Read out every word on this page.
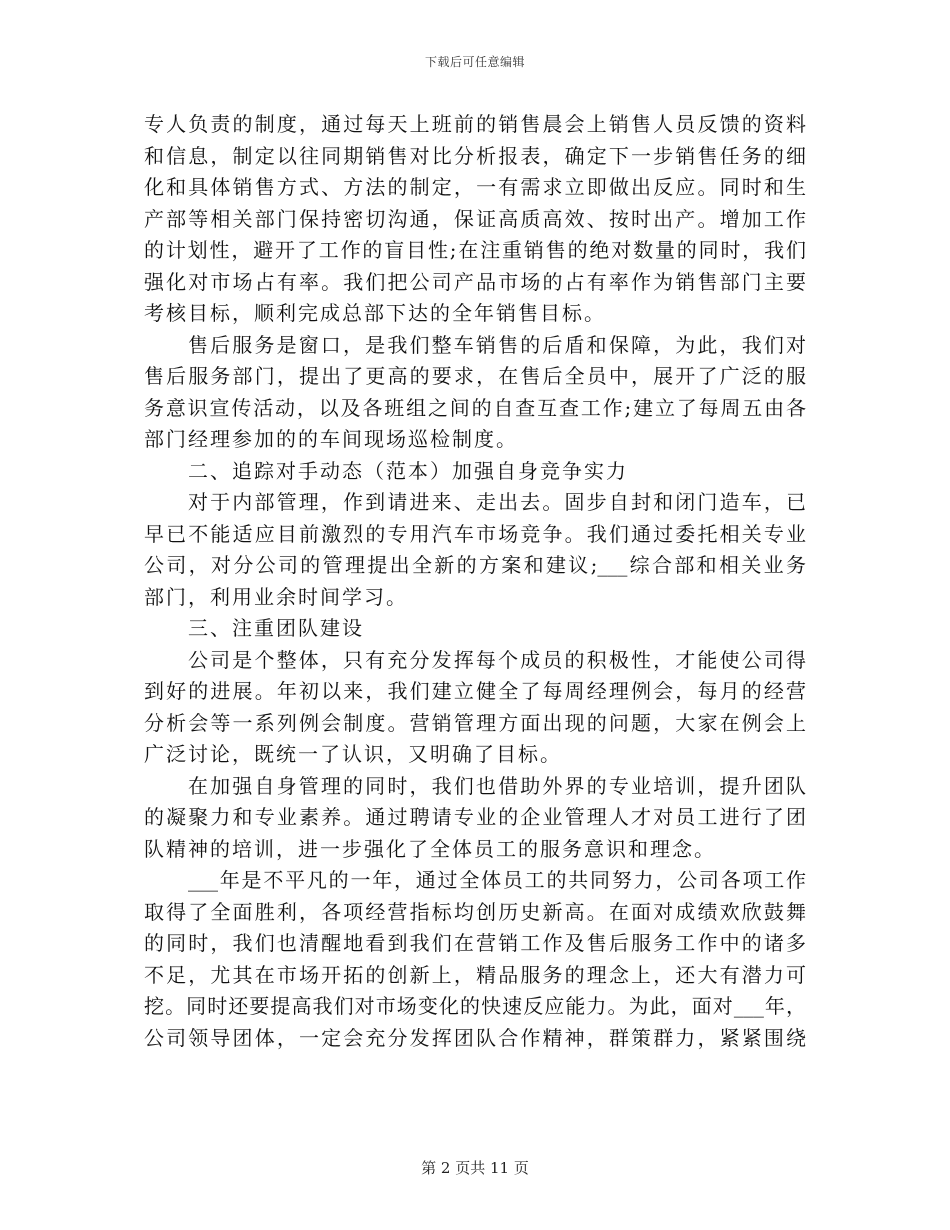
下载后可任意编辑
专人负责的制度，通过每天上班前的销售晨会上销售人员反馈的资料
和信息，制定以往同期销售对比分析报表，确定下一步销售任务的细
化和具体销售方式、方法的制定，一有需求立即做出反应。同时和生
产部等相关部门保持密切沟通，保证高质高效、按时出产。增加工作
的计划性，避开了工作的盲目性;在注重销售的绝对数量的同时，我们
强化对市场占有率。我们把公司产品市场的占有率作为销售部门主要
考核目标，顺利完成总部下达的全年销售目标。
售后服务是窗口，是我们整车销售的后盾和保障，为此，我们对
售后服务部门，提出了更高的要求，在售后全员中，展开了广泛的服
务意识宣传活动，以及各班组之间的自查互查工作;建立了每周五由各
部门经理参加的的车间现场巡检制度。
二、追踪对手动态（范本）加强自身竞争实力
对于内部管理，作到请进来、走出去。固步自封和闭门造车，已
早已不能适应目前激烈的专用汽车市场竞争。我们通过委托相关专业
公司，对分公司的管理提出全新的方案和建议;___综合部和相关业务
部门，利用业余时间学习。
三、注重团队建设
公司是个整体，只有充分发挥每个成员的积极性，才能使公司得
到好的进展。年初以来，我们建立健全了每周经理例会，每月的经营
分析会等一系列例会制度。营销管理方面出现的问题，大家在例会上
广泛讨论，既统一了认识，又明确了目标。
在加强自身管理的同时，我们也借助外界的专业培训，提升团队
的凝聚力和专业素养。通过聘请专业的企业管理人才对员工进行了团
队精神的培训，进一步强化了全体员工的服务意识和理念。
___年是不平凡的一年，通过全体员工的共同努力，公司各项工作
取得了全面胜利，各项经营指标均创历史新高。在面对成绩欢欣鼓舞
的同时，我们也清醒地看到我们在营销工作及售后服务工作中的诸多
不足，尤其在市场开拓的创新上，精品服务的理念上，还大有潜力可
挖。同时还要提高我们对市场变化的快速反应能力。为此，面对___年，
公司领导团体，一定会充分发挥团队合作精神，群策群力，紧紧围绕
第 2 页共 11 页
